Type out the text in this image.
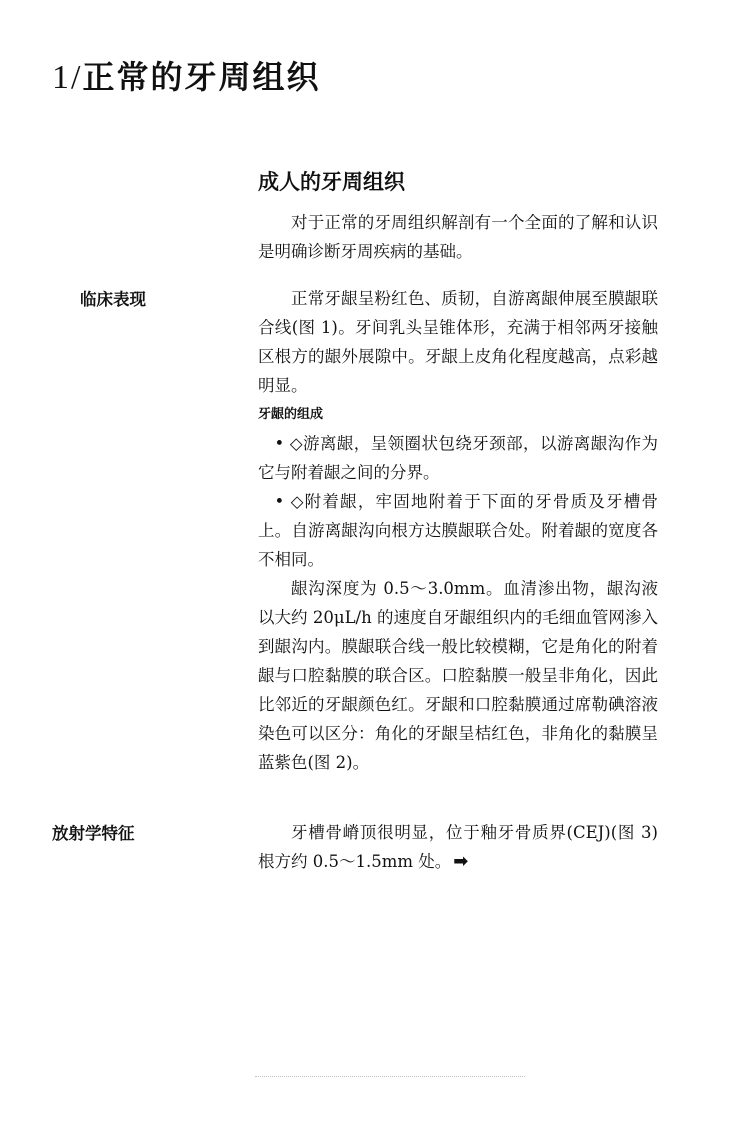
1/正常的牙周组织
成人的牙周组织

对于正常的牙周组织解剖有一个全面的了解和认识是明确诊断牙周疾病的基础。

临床表现	正常牙龈呈粉红色、质韧，自游离龈伸展至膜龈联合线(图 1)。牙间乳头呈锥体形，充满于相邻两牙接触区根方的龈外展隙中。牙龈上皮角化程度越高，点彩越明显。

牙龈的组成

• ◇游离龈，呈领圈状包绕牙颈部，以游离龈沟作为它与附着龈之间的分界。

• ◇附着龈，牢固地附着于下面的牙骨质及牙槽骨上。自游离龈沟向根方达膜龈联合处。附着龈的宽度各不相同。

龈沟深度为 0.5～3.0mm。血清渗出物，龈沟液以大约 20μL/h 的速度自牙龈组织内的毛细血管网渗入到龈沟内。膜龈联合线一般比较模糊，它是角化的附着龈与口腔黏膜的联合区。口腔黏膜一般呈非角化，因此比邻近的牙龈颜色红。牙龈和口腔黏膜通过席勒碘溶液染色可以区分：角化的牙龈呈桔红色，非角化的黏膜呈蓝紫色(图 2)。

放射学特征	牙槽骨嵴顶很明显，位于釉牙骨质界(CEJ)(图 3)根方约 0.5～1.5mm 处。 ➡
